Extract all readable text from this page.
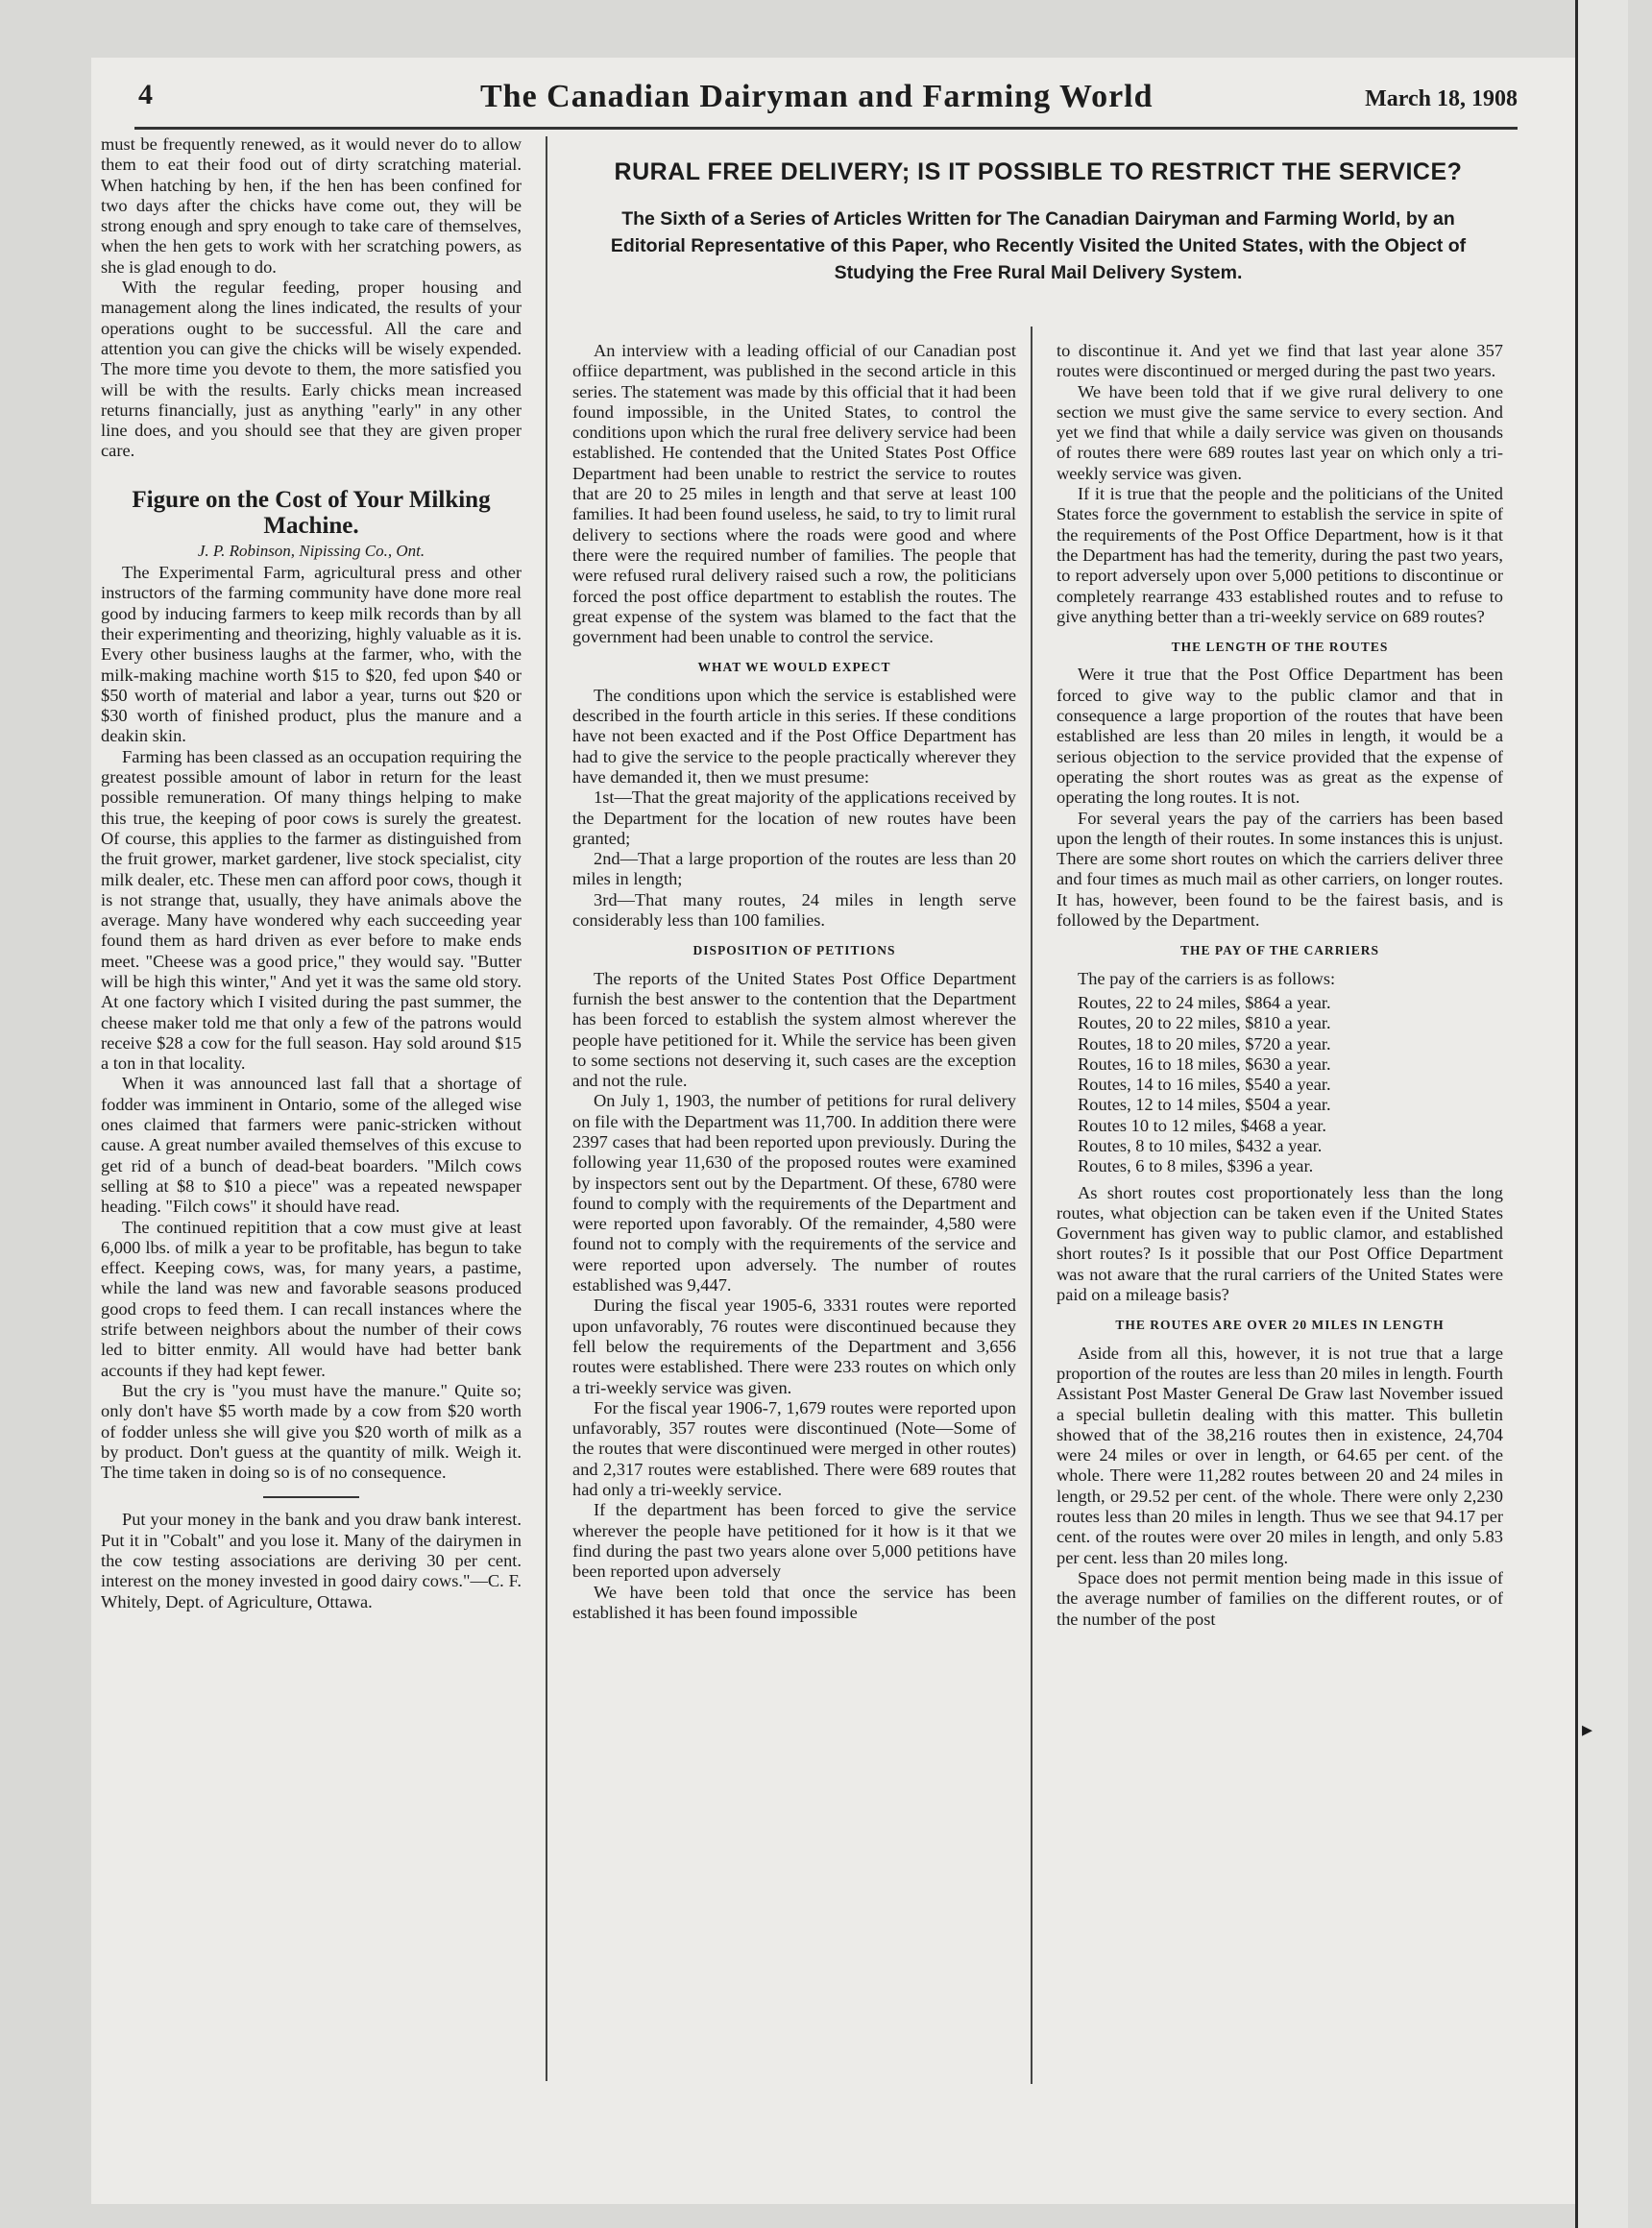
4	The Canadian Dairyman and Farming World	March 18, 1908

must be frequently renewed, as it would never do to allow them to eat their food out of dirty scratching material. When hatching by hen, if the hen has been confined for two days after the chicks have come out, they will be strong enough and spry enough to take care of themselves, when the hen gets to work with her scratching powers, as she is glad enough to do.

With the regular feeding, proper housing and management along the lines indicated, the results of your operations ought to be successful. All the care and attention you can give the chicks will be wisely expended. The more time you devote to them, the more satisfied you will be with the results. Early chicks mean increased returns financially, just as anything "early" in any other line does, and you should see that they are given proper care.

Figure on the Cost of Your Milking Machine.
J. P. Robinson, Nipissing Co., Ont.

The Experimental Farm, agricultural press and other instructors of the farming community have done more real good by inducing farmers to keep milk records than by all their experimenting and theorizing, highly valuable as it is. Every other business laughs at the farmer, who, with the milk-making machine worth $15 to $20, fed upon $40 or $50 worth of material and labor a year, turns out $20 or $30 worth of finished product, plus the manure and a deakin skin.

Farming has been classed as an occupation requiring the greatest possible amount of labor in return for the least possible remuneration. Of many things helping to make this true, the keeping of poor cows is surely the greatest. Of course, this applies to the farmer as distinguished from the fruit grower, market gardener, live stock specialist, city milk dealer, etc. These men can afford poor cows, though it is not strange that, usually, they have animals above the average. Many have wondered why each succeeding year found them as hard driven as ever before to make ends meet. "Cheese was a good price," they would say. "Butter will be high this winter," And yet it was the same old story. At one factory which I visited during the past summer, the cheese maker told me that only a few of the patrons would receive $28 a cow for the full season. Hay sold around $15 a ton in that locality.

When it was announced last fall that a shortage of fodder was imminent in Ontario, some of the alleged wise ones claimed that farmers were panic-stricken without cause. A great number availed themselves of this excuse to get rid of a bunch of dead-beat boarders. "Milch cows selling at $8 to $10 a piece" was a repeated newspaper heading. "Filch cows" it should have read.

The continued repitition that a cow must give at least 6,000 lbs. of milk a year to be profitable, has begun to take effect. Keeping cows, was, for many years, a pastime, while the land was new and favorable seasons produced good crops to feed them. I can recall instances where the strife between neighbors about the number of their cows led to bitter enmity. All would have had better bank accounts if they had kept fewer.

But the cry is "you must have the manure." Quite so; only don't have $5 worth made by a cow from $20 worth of fodder unless she will give you $20 worth of milk as a by product. Don't guess at the quantity of milk. Weigh it. The time taken in doing so is of no consequence.

Put your money in the bank and you draw bank interest. Put it in "Cobalt" and you lose it. Many of the dairymen in the cow testing associations are deriving 30 per cent. interest on the money invested in good dairy cows."—C. F. Whitely, Dept. of Agriculture, Ottawa.

RURAL FREE DELIVERY; IS IT POSSIBLE TO RESTRICT THE SERVICE?
The Sixth of a Series of Articles Written for The Canadian Dairyman and Farming World, by an Editorial Representative of this Paper, who Recently Visited the United States, with the Object of Studying the Free Rural Mail Delivery System.

An interview with a leading official of our Canadian post offiice department, was published in the second article in this series. The statement was made by this official that it had been found impossible, in the United States, to control the conditions upon which the rural free delivery service had been established. He contended that the United States Post Office Department had been unable to restrict the service to routes that are 20 to 25 miles in length and that serve at least 100 families. It had been found useless, he said, to try to limit rural delivery to sections where the roads were good and where there were the required number of families. The people that were refused rural delivery raised such a row, the politicians forced the post office department to establish the routes. The great expense of the system was blamed to the fact that the government had been unable to control the service.

WHAT WE WOULD EXPECT

The conditions upon which the service is established were described in the fourth article in this series. If these conditions have not been exacted and if the Post Office Department has had to give the service to the people practically wherever they have demanded it, then we must presume:

1st—That the great majority of the applications received by the Department for the location of new routes have been granted;

2nd—That a large proportion of the routes are less than 20 miles in length;

3rd—That many routes, 24 miles in length serve considerably less than 100 families.

DISPOSITION OF PETITIONS

The reports of the United States Post Office Department furnish the best answer to the contention that the Department has been forced to establish the system almost wherever the people have petitioned for it. While the service has been given to some sections not deserving it, such cases are the exception and not the rule.

On July 1, 1903, the number of petitions for rural delivery on file with the Department was 11,700. In addition there were 2397 cases that had been reported upon previously. During the following year 11,630 of the proposed routes were examined by inspectors sent out by the Department. Of these, 6780 were found to comply with the requirements of the Department and were reported upon favorably. Of the remainder, 4,580 were found not to comply with the requirements of the service and were reported upon adversely. The number of routes established was 9,447.

During the fiscal year 1905-6, 3331 routes were reported upon unfavorably, 76 routes were discontinued because they fell below the requirements of the Department and 3,656 routes were established. There were 233 routes on which only a tri-weekly service was given.

For the fiscal year 1906-7, 1,679 routes were reported upon unfavorably, 357 routes were discontinued (Note—Some of the routes that were discontinued were merged in other routes) and 2,317 routes were established. There were 689 routes that had only a tri-weekly service.

If the department has been forced to give the service wherever the people have petitioned for it how is it that we find during the past two years alone over 5,000 petitions have been reported upon adversely

We have been told that once the service has been established it has been found impossible

to discontinue it. And yet we find that last year alone 357 routes were discontinued or merged during the past two years.

We have been told that if we give rural delivery to one section we must give the same service to every section. And yet we find that while a daily service was given on thousands of routes there were 689 routes last year on which only a tri-weekly service was given.

If it is true that the people and the politicians of the United States force the government to establish the service in spite of the requirements of the Post Office Department, how is it that the Department has had the temerity, during the past two years, to report adversely upon over 5,000 petitions to discontinue or completely rearrange 433 established routes and to refuse to give anything better than a tri-weekly service on 689 routes?

THE LENGTH OF THE ROUTES

Were it true that the Post Office Department has been forced to give way to the public clamor and that in consequence a large proportion of the routes that have been established are less than 20 miles in length, it would be a serious objection to the service provided that the expense of operating the short routes was as great as the expense of operating the long routes. It is not.

For several years the pay of the carriers has been based upon the length of their routes. In some instances this is unjust. There are some short routes on which the carriers deliver three and four times as much mail as other carriers, on longer routes. It has, however, been found to be the fairest basis, and is followed by the Department.

THE PAY OF THE CARRIERS

The pay of the carriers is as follows:

Routes, 22 to 24 miles, $864 a year.
Routes, 20 to 22 miles, $810 a year.
Routes, 18 to 20 miles, $720 a year.
Routes, 16 to 18 miles, $630 a year.
Routes, 14 to 16 miles, $540 a year.
Routes, 12 to 14 miles, $504 a year.
Routes 10 to 12 miles, $468 a year.
Routes, 8 to 10 miles, $432 a year.
Routes, 6 to 8 miles, $396 a year.

As short routes cost proportionately less than the long routes, what objection can be taken even if the United States Government has given way to public clamor, and established short routes? Is it possible that our Post Office Department was not aware that the rural carriers of the United States were paid on a mileage basis?

THE ROUTES ARE OVER 20 MILES IN LENGTH

Aside from all this, however, it is not true that a large proportion of the routes are less than 20 miles in length. Fourth Assistant Post Master General De Graw last November issued a special bulletin dealing with this matter. This bulletin showed that of the 38,216 routes then in existence, 24,704 were 24 miles or over in length, or 64.65 per cent. of the whole. There were 11,282 routes between 20 and 24 miles in length, or 29.52 per cent. of the whole. There were only 2,230 routes less than 20 miles in length. Thus we see that 94.17 per cent. of the routes were over 20 miles in length, and only 5.83 per cent. less than 20 miles long.

Space does not permit mention being made in this issue of the average number of families on the different routes, or of the number of the post

▸
